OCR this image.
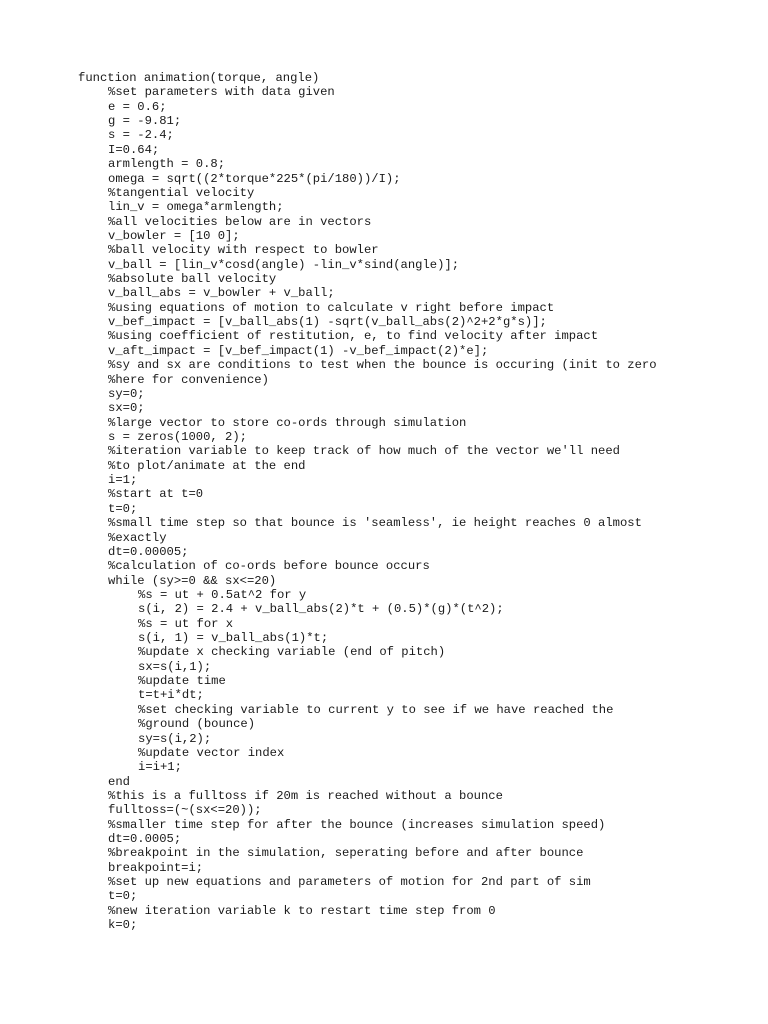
function animation(torque, angle)
%set parameters with data given
e = 0.6;
g = -9.81;
s = -2.4;
I=0.64;
armlength = 0.8;
omega = sqrt((2*torque*225*(pi/180))/I);
%tangential velocity
lin_v = omega*armlength;
%all velocities below are in vectors
v_bowler = [10 0];
%ball velocity with respect to bowler
v_ball = [lin_v*cosd(angle) -lin_v*sind(angle)];
%absolute ball velocity
v_ball_abs = v_bowler + v_ball;
%using equations of motion to calculate v right before impact
v_bef_impact = [v_ball_abs(1) -sqrt(v_ball_abs(2)^2+2*g*s)];
%using coefficient of restitution, e, to find velocity after impact
v_aft_impact = [v_bef_impact(1) -v_bef_impact(2)*e];
%sy and sx are conditions to test when the bounce is occuring (init to zero
%here for convenience)
sy=0;
sx=0;
%large vector to store co-ords through simulation
s = zeros(1000, 2);
%iteration variable to keep track of how much of the vector we'll need
%to plot/animate at the end
i=1;
%start at t=0
t=0;
%small time step so that bounce is 'seamless', ie height reaches 0 almost
%exactly
dt=0.00005;
%calculation of co-ords before bounce occurs
while (sy>=0 && sx<=20)
%s = ut + 0.5at^2 for y
s(i, 2) = 2.4 + v_ball_abs(2)*t + (0.5)*(g)*(t^2);
%s = ut for x
s(i, 1) = v_ball_abs(1)*t;
%update x checking variable (end of pitch)
sx=s(i,1);
%update time
t=t+i*dt;
%set checking variable to current y to see if we have reached the
%ground (bounce)
sy=s(i,2);
%update vector index
i=i+1;
end
%this is a fulltoss if 20m is reached without a bounce
fulltoss=(~(sx<=20));
%smaller time step for after the bounce (increases simulation speed)
dt=0.0005;
%breakpoint in the simulation, seperating before and after bounce
breakpoint=i;
%set up new equations and parameters of motion for 2nd part of sim
t=0;
%new iteration variable k to restart time step from 0
k=0;
